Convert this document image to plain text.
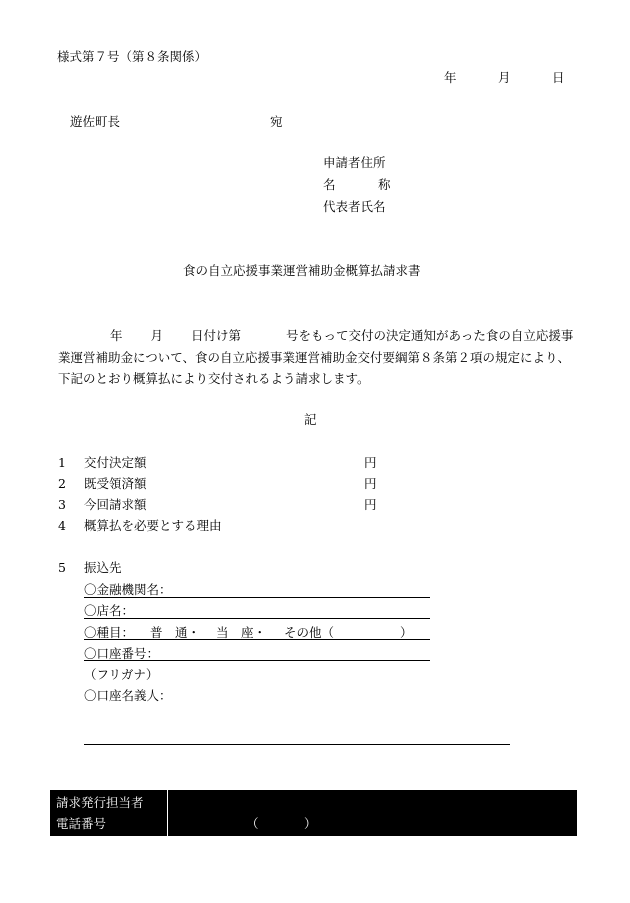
様式第７号（第８条関係）
年	月	日
遊佐町長	宛
申請者住所
名	称
代表者氏名
食の自立応援事業運営補助金概算払請求書
年 月 日付け第	号をもって交付の決定通知があった食の自立応援事業運営補助金について、食の自立応援事業運営補助金交付要綱第８条第２項の規定により、下記のとおり概算払により交付されるよう請求します。
記
1 交付決定額	円
2 既受領済額	円
3 今回請求額	円
4 概算払を必要とする理由
5 振込先
〇金融機関名：
〇店名：
〇種目： 普　通・ 当　座・ その他（	）
〇口座番号：
（フリガナ）
〇口座名義人：
請求発行担当者
電話番号	（	）
